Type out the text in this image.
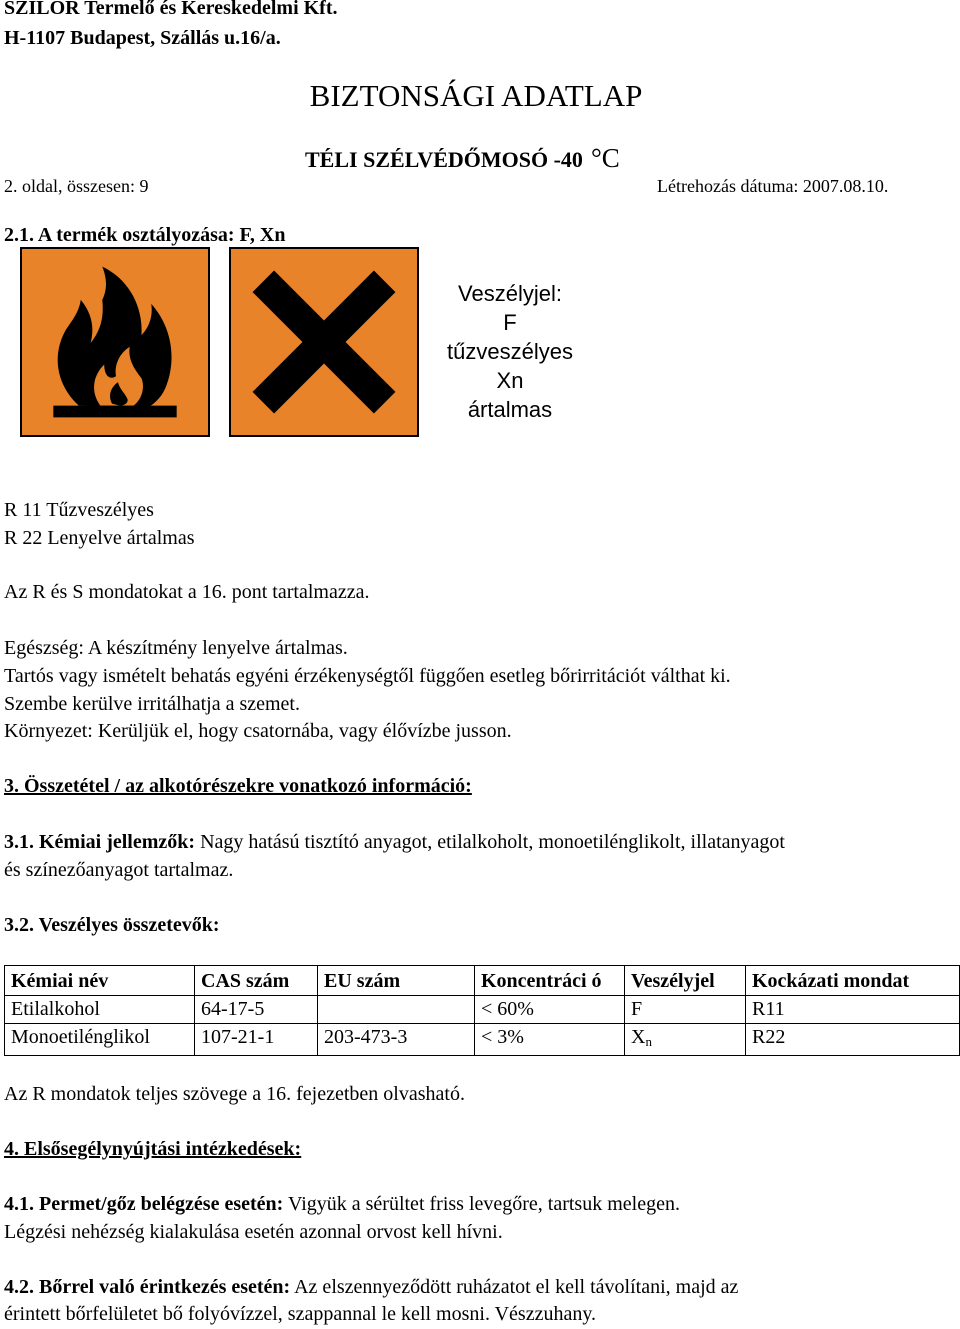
SZILOR Termelő és Kereskedelmi Kft.
H-1107 Budapest, Szállás u.16/a.
BIZTONSÁGI ADATLAP
TÉLI SZÉLVÉDŐMOSÓ -40 °C
2. oldal, összesen: 9	Létrehozás dátuma: 2007.08.10.
2.1. A termék osztályozása: F, Xn
Veszélyjel:
F
tűzveszélyes
Xn
ártalmas
R 11 Tűzveszélyes
R 22 Lenyelve ártalmas
Az R és S mondatokat a 16. pont tartalmazza.
Egészség: A készítmény lenyelve ártalmas.
Tartós vagy ismételt behatás egyéni érzékenységtől függően esetleg bőrirritációt válthat ki.
Szembe kerülve irritálhatja a szemet.
Környezet: Kerüljük el, hogy csatornába, vagy élővízbe jusson.
3. Összetétel / az alkotórészekre vonatkozó információ:
3.1. Kémiai jellemzők: Nagy hatású tisztító anyagot, etilalkoholt, monoetilénglikolt, illatanyagot
és színezőanyagot tartalmaz.
3.2. Veszélyes összetevők:
Kémiai név	CAS szám	EU szám	Koncentráci ó	Veszélyjel	Kockázati mondat
Etilalkohol	64-17-5		< 60%	F	R11
Monoetilénglikol	107-21-1	203-473-3	< 3%	$X_n$	R22
Az R mondatok teljes szövege a 16. fejezetben olvasható.
4. Elsősegélynyújtási intézkedések:
4.1. Permet/gőz belégzése esetén: Vigyük a sérültet friss levegőre, tartsuk melegen.
Légzési nehézség kialakulása esetén azonnal orvost kell hívni.
4.2. Bőrrel való érintkezés esetén: Az elszennyeződött ruházatot el kell távolítani, majd az
érintett bőrfelületet bő folyóvízzel, szappannal le kell mosni. Vészzuhany.
